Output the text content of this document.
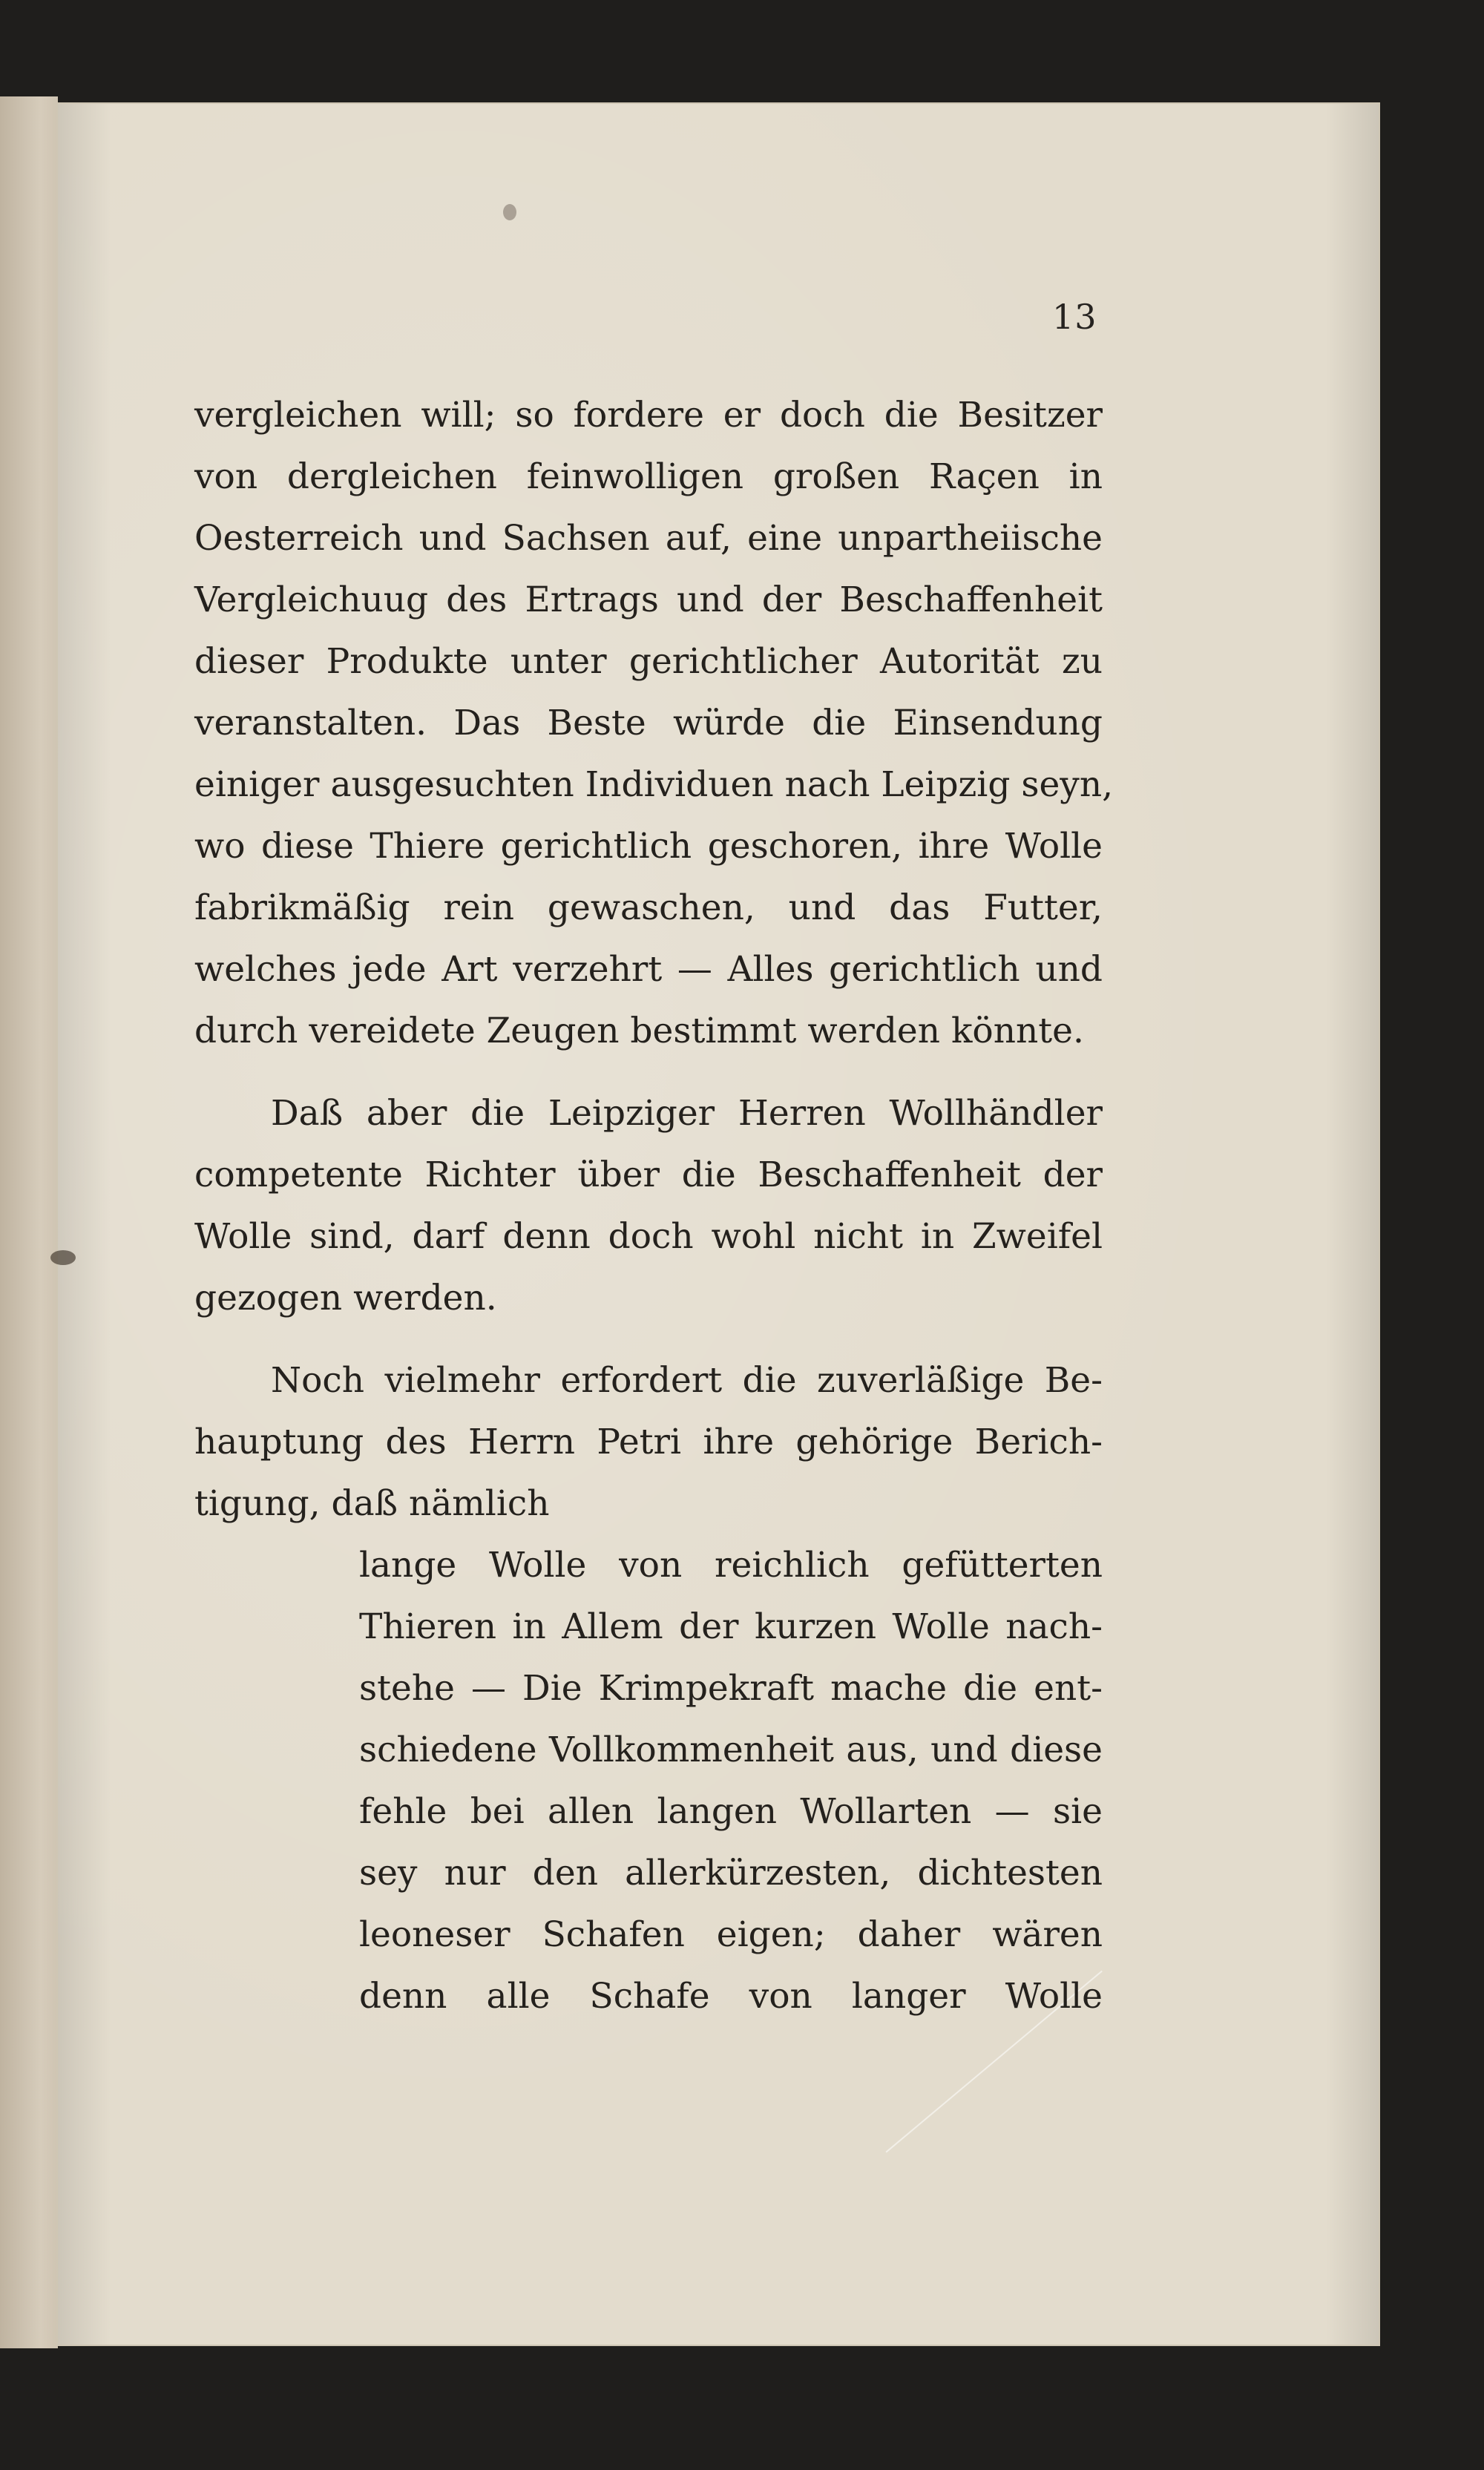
13
vergleichen will; so fordere er doch die Besitzer
von dergleichen feinwolligen großen Raçen in
Oesterreich und Sachsen auf, eine unpartheiische
Vergleichuug des Ertrags und der Beschaffenheit
dieser Produkte unter gerichtlicher Autorität zu
veranstalten. Das Beste würde die Einsendung
einiger ausgesuchten Individuen nach Leipzig seyn,
wo diese Thiere gerichtlich geschoren, ihre Wolle
fabrikmäßig rein gewaschen, und das Futter,
welches jede Art verzehrt — Alles gerichtlich und
durch vereidete Zeugen bestimmt werden könnte.
Daß aber die Leipziger Herren Wollhändler
competente Richter über die Beschaffenheit der
Wolle sind, darf denn doch wohl nicht in Zweifel
gezogen werden.
Noch vielmehr erfordert die zuverläßige Be-
hauptung des Herrn Petri ihre gehörige Berich-
tigung, daß nämlich
lange Wolle von reichlich gefütterten
Thieren in Allem der kurzen Wolle nach-
stehe — Die Krimpekraft mache die ent-
schiedene Vollkommenheit aus, und diese
fehle bei allen langen Wollarten — sie
sey nur den allerkürzesten, dichtesten
leoneser Schafen eigen; daher wären
denn alle Schafe von langer Wolle
